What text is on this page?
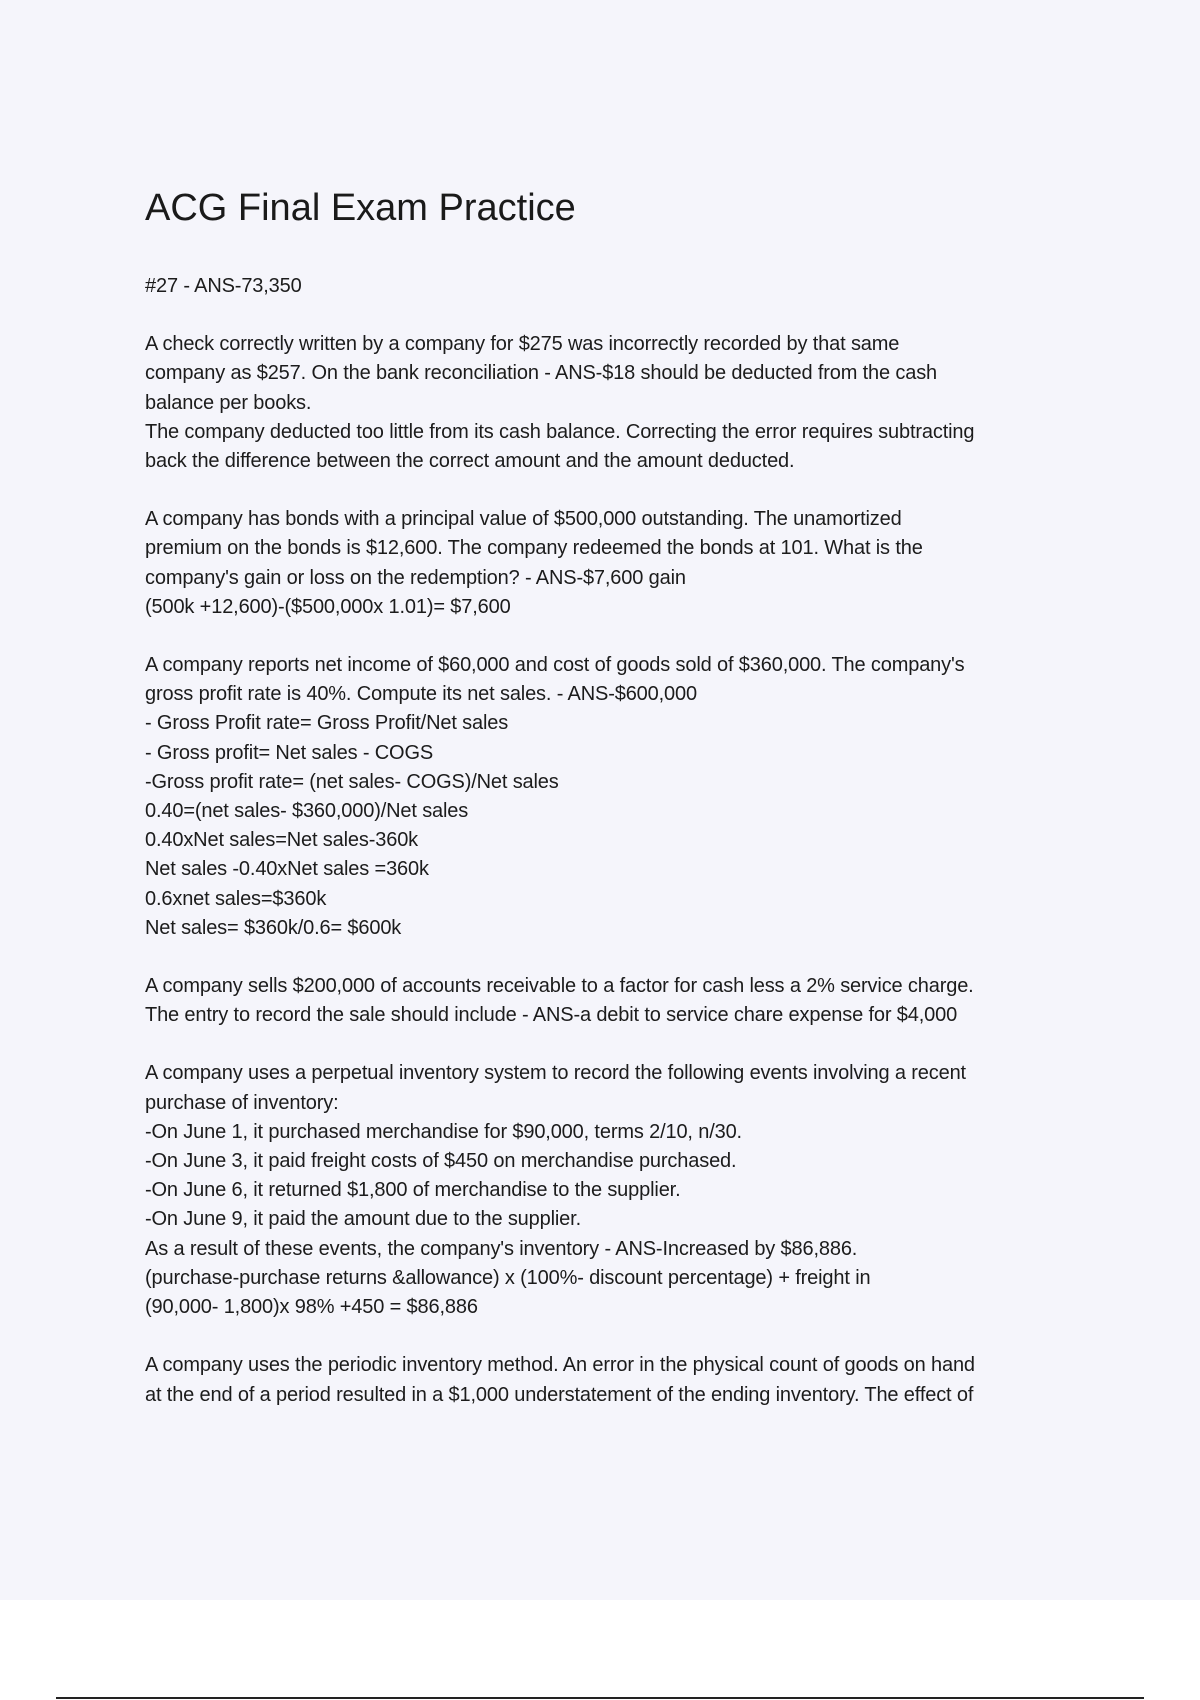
ACG Final Exam Practice
#27 - ANS-73,350
A check correctly written by a company for $275 was incorrectly recorded by that same
company as $257. On the bank reconciliation - ANS-$18 should be deducted from the cash
balance per books.
The company deducted too little from its cash balance. Correcting the error requires subtracting
back the difference between the correct amount and the amount deducted.
A company has bonds with a principal value of $500,000 outstanding. The unamortized
premium on the bonds is $12,600. The company redeemed the bonds at 101. What is the
company's gain or loss on the redemption? - ANS-$7,600 gain
(500k +12,600)-($500,000x 1.01)= $7,600
A company reports net income of $60,000 and cost of goods sold of $360,000. The company's
gross profit rate is 40%. Compute its net sales. - ANS-$600,000
- Gross Profit rate= Gross Profit/Net sales
- Gross profit= Net sales - COGS
-Gross profit rate= (net sales- COGS)/Net sales
0.40=(net sales- $360,000)/Net sales
0.40xNet sales=Net sales-360k
Net sales -0.40xNet sales =360k
0.6xnet sales=$360k
Net sales= $360k/0.6= $600k
A company sells $200,000 of accounts receivable to a factor for cash less a 2% service charge.
The entry to record the sale should include - ANS-a debit to service chare expense for $4,000
A company uses a perpetual inventory system to record the following events involving a recent
purchase of inventory:
-On June 1, it purchased merchandise for $90,000, terms 2/10, n/30.
-On June 3, it paid freight costs of $450 on merchandise purchased.
-On June 6, it returned $1,800 of merchandise to the supplier.
-On June 9, it paid the amount due to the supplier.
As a result of these events, the company's inventory - ANS-Increased by $86,886.
(purchase-purchase returns &allowance) x (100%- discount percentage) + freight in
(90,000- 1,800)x 98% +450 = $86,886
A company uses the periodic inventory method. An error in the physical count of goods on hand
at the end of a period resulted in a $1,000 understatement of the ending inventory. The effect of
